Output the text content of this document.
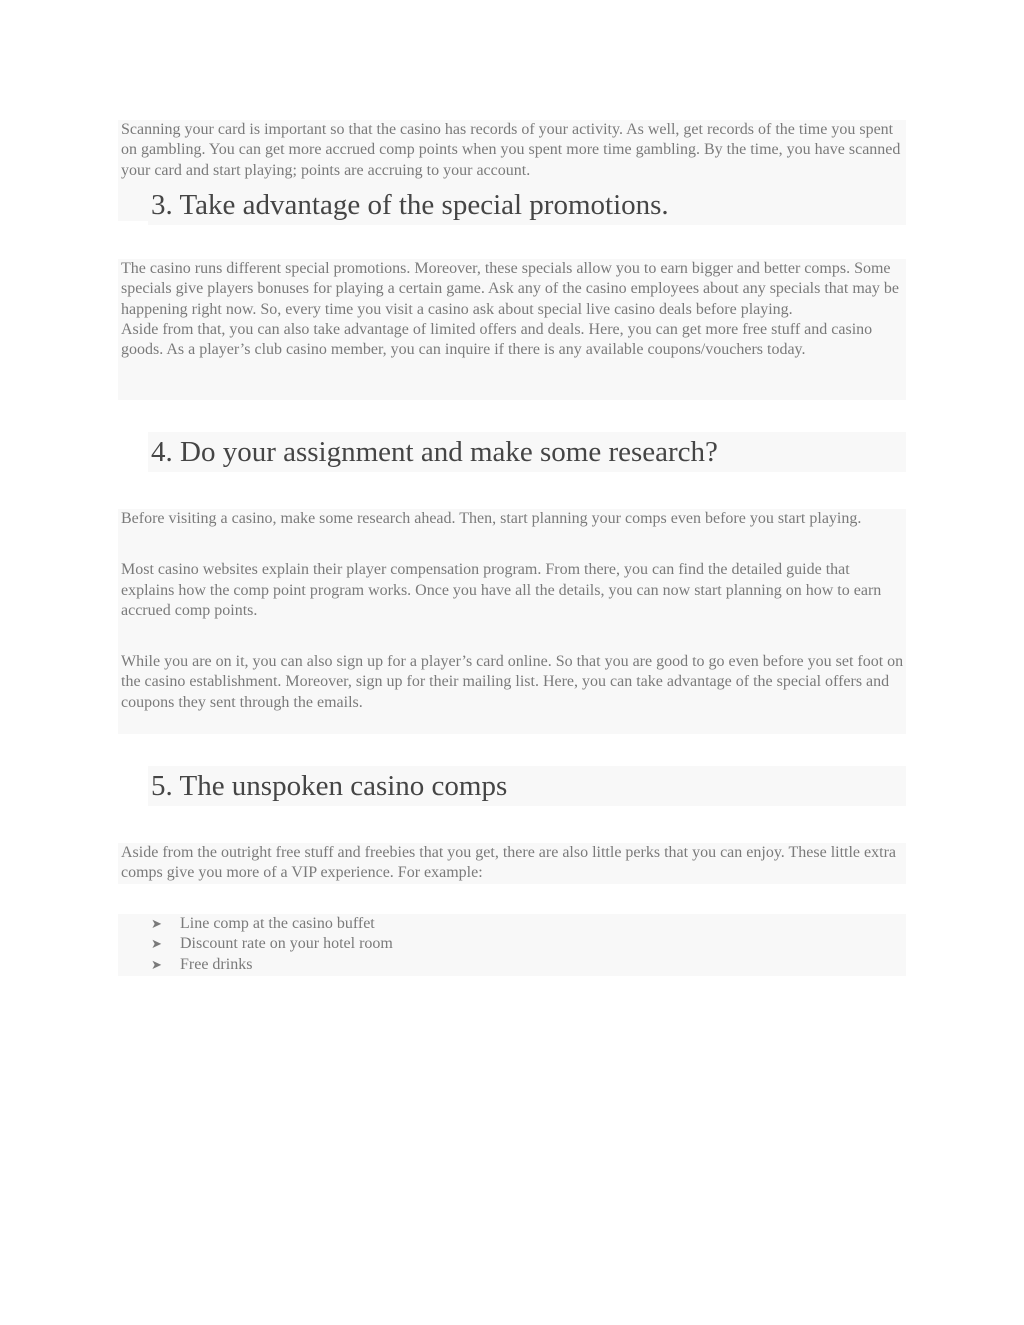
Scanning your card is important so that the casino has records of your activity. As well, get records of the time you spent on gambling. You can get more accrued comp points when you spent more time gambling. By the time, you have scanned your card and start playing; points are accruing to your account.

3. Take advantage of the special promotions.

The casino runs different special promotions. Moreover, these specials allow you to earn bigger and better comps. Some specials give players bonuses for playing a certain game. Ask any of the casino employees about any specials that may be happening right now. So, every time you visit a casino ask about special live casino deals before playing.

Aside from that, you can also take advantage of limited offers and deals. Here, you can get more free stuff and casino goods. As a player’s club casino member, you can inquire if there is any available coupons/vouchers today.

4. Do your assignment and make some research?

Before visiting a casino, make some research ahead. Then, start planning your comps even before you start playing.

Most casino websites explain their player compensation program. From there, you can find the detailed guide that explains how the comp point program works. Once you have all the details, you can now start planning on how to earn accrued comp points.

While you are on it, you can also sign up for a player’s card online. So that you are good to go even before you set foot on the casino establishment. Moreover, sign up for their mailing list. Here, you can take advantage of the special offers and coupons they sent through the emails.

5. The unspoken casino comps

Aside from the outright free stuff and freebies that you get, there are also little perks that you can enjoy. These little extra comps give you more of a VIP experience. For example:

➤ Line comp at the casino buffet
➤ Discount rate on your hotel room
➤ Free drinks
